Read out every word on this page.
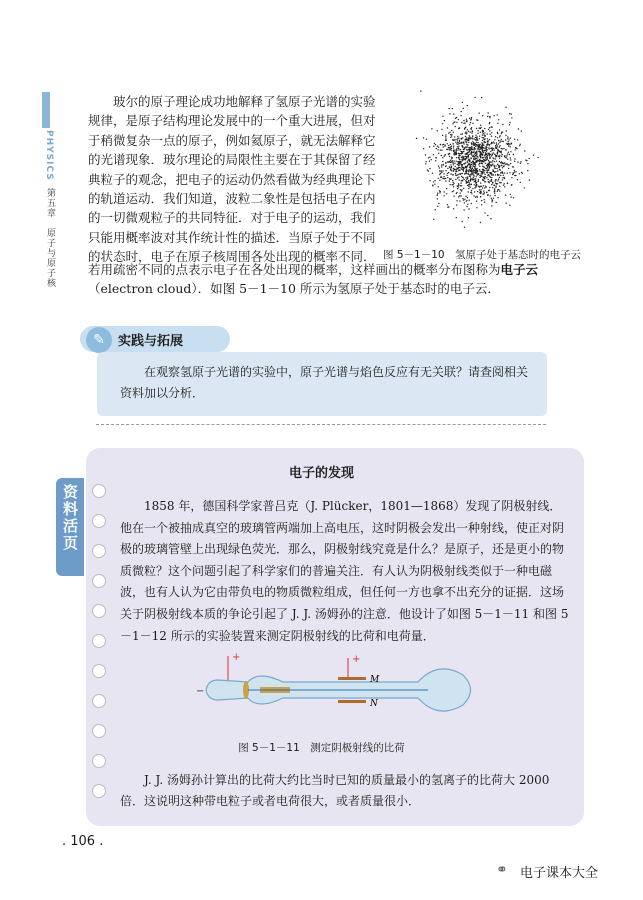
PHYSICS
第五章　原子与原子核

玻尔的原子理论成功地解释了氢原子光谱的实验规律，是原子结构理论发展中的一个重大进展，但对于稍微复杂一点的原子，例如氦原子，就无法解释它的光谱现象．玻尔理论的局限性主要在于其保留了经典粒子的观念，把电子的运动仍然看做为经典理论下的轨道运动．我们知道，波粒二象性是包括电子在内的一切微观粒子的共同特征．对于电子的运动，我们只能用概率波对其作统计性的描述．当原子处于不同的状态时，电子在原子核周围各处出现的概率不同．

若用疏密不同的点表示电子在各处出现的概率，这样画出的概率分布图称为电子云（electron cloud）．如图 5－1－10 所示为氢原子处于基态时的电子云．

图 5－1－10　氢原子处于基态时的电子云
✎	实践与拓展

在观察氢原子光谱的实验中，原子光谱与焰色反应有无关联？请查阅相关资料加以分析．

资料活页
电子的发现

1858 年，德国科学家普吕克（J. Plücker，1801—1868）发现了阴极射线．他在一个被抽成真空的玻璃管两端加上高电压，这时阴极会发出一种射线，使正对阴极的玻璃管壁上出现绿色荧光．那么，阴极射线究竟是什么？是原子，还是更小的物质微粒？这个问题引起了科学家们的普遍关注．有人认为阴极射线类似于一种电磁波，也有人认为它由带负电的物质微粒组成，但任何一方也拿不出充分的证据．这场关于阴极射线本质的争论引起了 J. J. 汤姆孙的注意．他设计了如图 5－1－11 和图 5－1－12 所示的实验装置来测定阴极射线的比荷和电荷量．

+	+
−
M
N
图 5－1－11　测定阴极射线的比荷

J. J. 汤姆孙计算出的比荷大约比当时已知的质量最小的氢离子的比荷大 2000 倍．这说明这种带电粒子或者电荷很大，或者质量很小．

. 106 .
⚭ 电子课本大全
